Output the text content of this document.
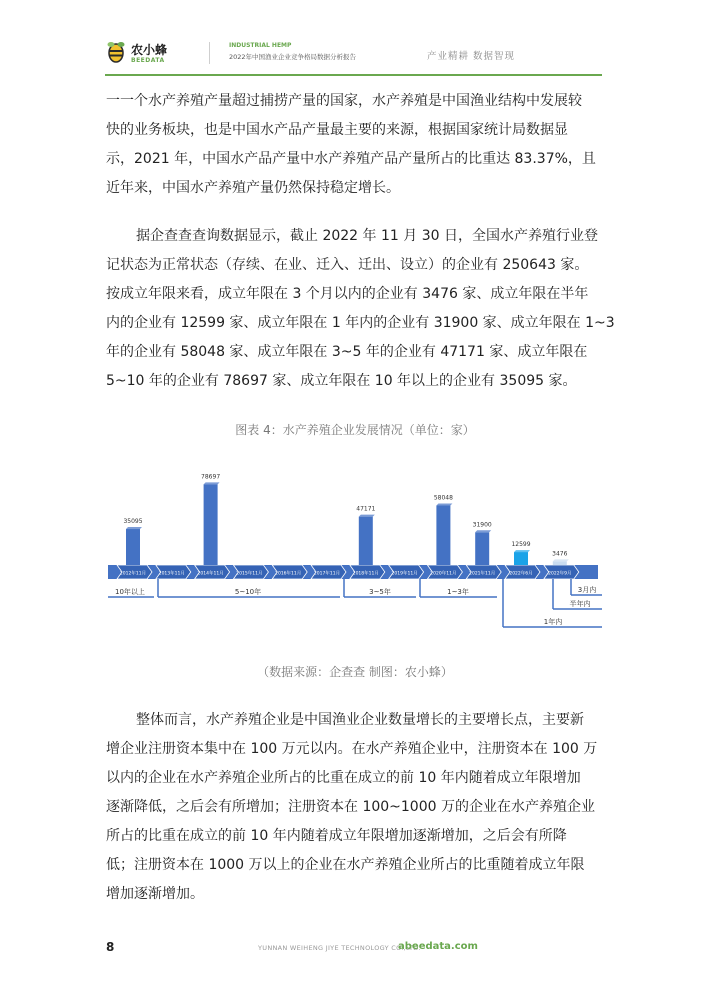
农小蜂
BEEDATA
INDUSTRIAL HEMP
2022年中国渔业企业竞争格局数据分析报告	产业精耕 数据智现
一一个水产养殖产量超过捕捞产量的国家，水产养殖是中国渔业结构中发展较
快的业务板块，也是中国水产品产量最主要的来源，根据国家统计局数据显
示，2021 年，中国水产品产量中水产养殖产品产量所占的比重达 83.37%，且
近年来，中国水产养殖产量仍然保持稳定增长。
据企查查查询数据显示，截止 2022 年 11 月 30 日，全国水产养殖行业登
记状态为正常状态（存续、在业、迁入、迁出、设立）的企业有 250643 家。
按成立年限来看，成立年限在 3 个月以内的企业有 3476 家、成立年限在半年
内的企业有 12599 家、成立年限在 1 年内的企业有 31900 家、成立年限在 1~3
年的企业有 58048 家、成立年限在 3~5 年的企业有 47171 家、成立年限在
5~10 年的企业有 78697 家、成立年限在 10 年以上的企业有 35095 家。
图表 4：水产养殖企业发展情况（单位：家）
2012年11月	2013年11月	2014年11月	2015年11月	2016年11月	2017年11月	2018年11月	2019年11月	2020年11月	2021年11月	2022年6月	2022年9月
35095
78697
47171
58048
31900
12599
3476
10年以上	5~10年	3~5年	1~3年
1年内
半年内
3月内
（数据来源：企查查 制图：农小蜂）
整体而言，水产养殖企业是中国渔业企业数量增长的主要增长点，主要新
增企业注册资本集中在 100 万元以内。在水产养殖企业中，注册资本在 100 万
以内的企业在水产养殖企业所占的比重在成立的前 10 年内随着成立年限增加
逐渐降低，之后会有所增加；注册资本在 100~1000 万的企业在水产养殖企业
所占的比重在成立的前 10 年内随着成立年限增加逐渐增加，之后会有所降
低；注册资本在 1000 万以上的企业在水产养殖企业所占的比重随着成立年限
增加逐渐增加。
8	YUNNAN WEIHENG JIYE TECHNOLOGY CO.,LTD.
abeedata.com
